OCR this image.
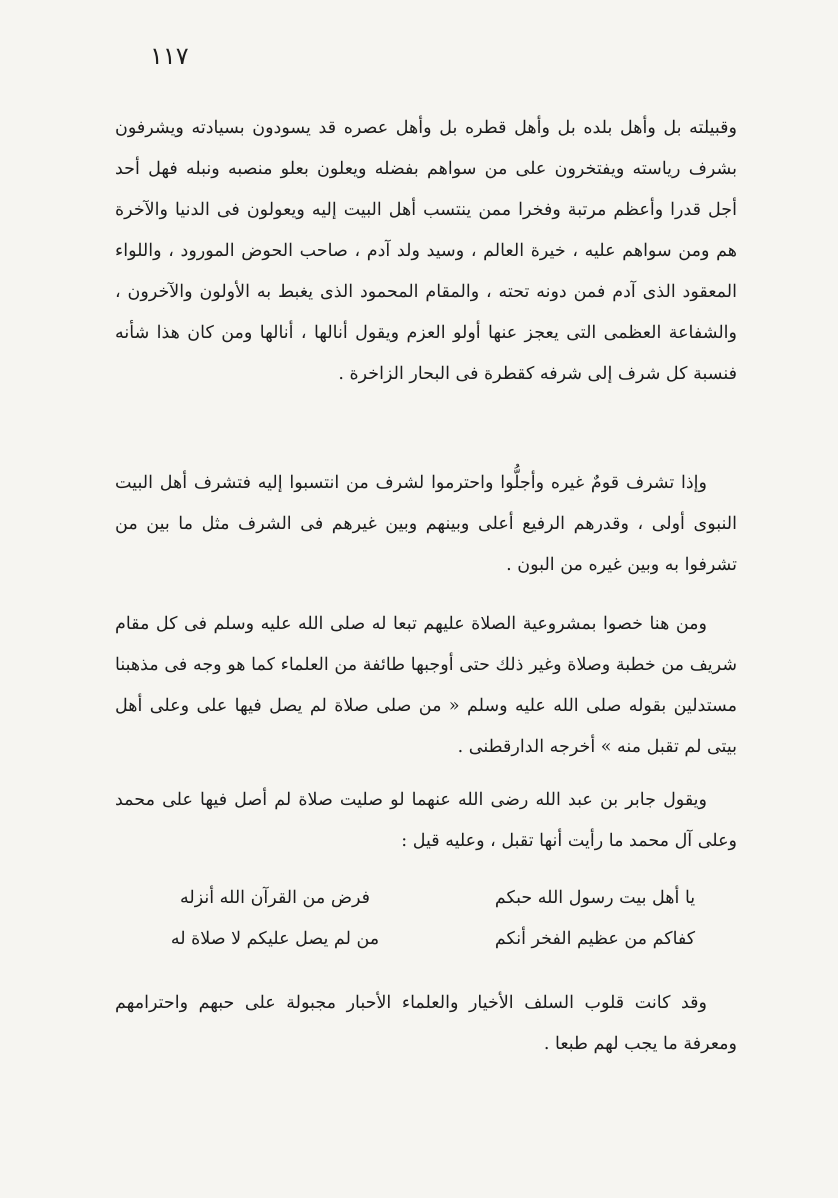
١١٧

وقبيلته بل وأهل بلده بل وأهل قطره بل وأهل عصره قد يسودون بسيادته ويشرفون بشرف رياسته ويفتخرون على من سواهم بفضله ويعلون بعلو منصبه ونبله فهل أحد أجل قدرا وأعظم مرتبة وفخرا ممن ينتسب أهل البيت إليه ويعولون فى الدنيا والآخرة هم ومن سواهم عليه ، خيرة العالم ، وسيد ولد آدم ، صاحب الحوض المورود ، واللواء المعقود الذى آدم فمن دونه تحته ، والمقام المحمود الذى يغبط به الأولون والآخرون ، والشفاعة العظمى التى يعجز عنها أولو العزم ويقول أنالها ، أنالها ومن كان هذا شأنه فنسبة كل شرف إلى شرفه كقطرة فى البحار الزاخرة .

وإذا تشرف قومٌ غيره وأجلُّوا واحترموا لشرف من انتسبوا إليه فتشرف أهل البيت النبوى أولى ، وقدرهم الرفيع أعلى وبينهم وبين غيرهم فى الشرف مثل ما بين من تشرفوا به وبين غيره من البون .

ومن هنا خصوا بمشروعية الصلاة عليهم تبعا له صلى الله عليه وسلم فى كل مقام شريف من خطبة وصلاة وغير ذلك حتى أوجبها طائفة من العلماء كما هو وجه فى مذهبنا مستدلين بقوله صلى الله عليه وسلم « من صلى صلاة لم يصل فيها على وعلى أهل بيتى لم تقبل منه » أخرجه الدارقطنى .

ويقول جابر بن عبد الله رضى الله عنهما لو صليت صلاة لم أصل فيها على محمد وعلى آل محمد ما رأيت أنها تقبل ، وعليه قيل :

يا أهل بيت رسول الله حبكم
فرض من القرآن الله أنزله
كفاكم من عظيم الفخر أنكم
من لم يصل عليكم لا صلاة له

وقد كانت قلوب السلف الأخيار والعلماء الأحبار مجبولة على حبهم واحترامهم ومعرفة ما يجب لهم طبعا .
